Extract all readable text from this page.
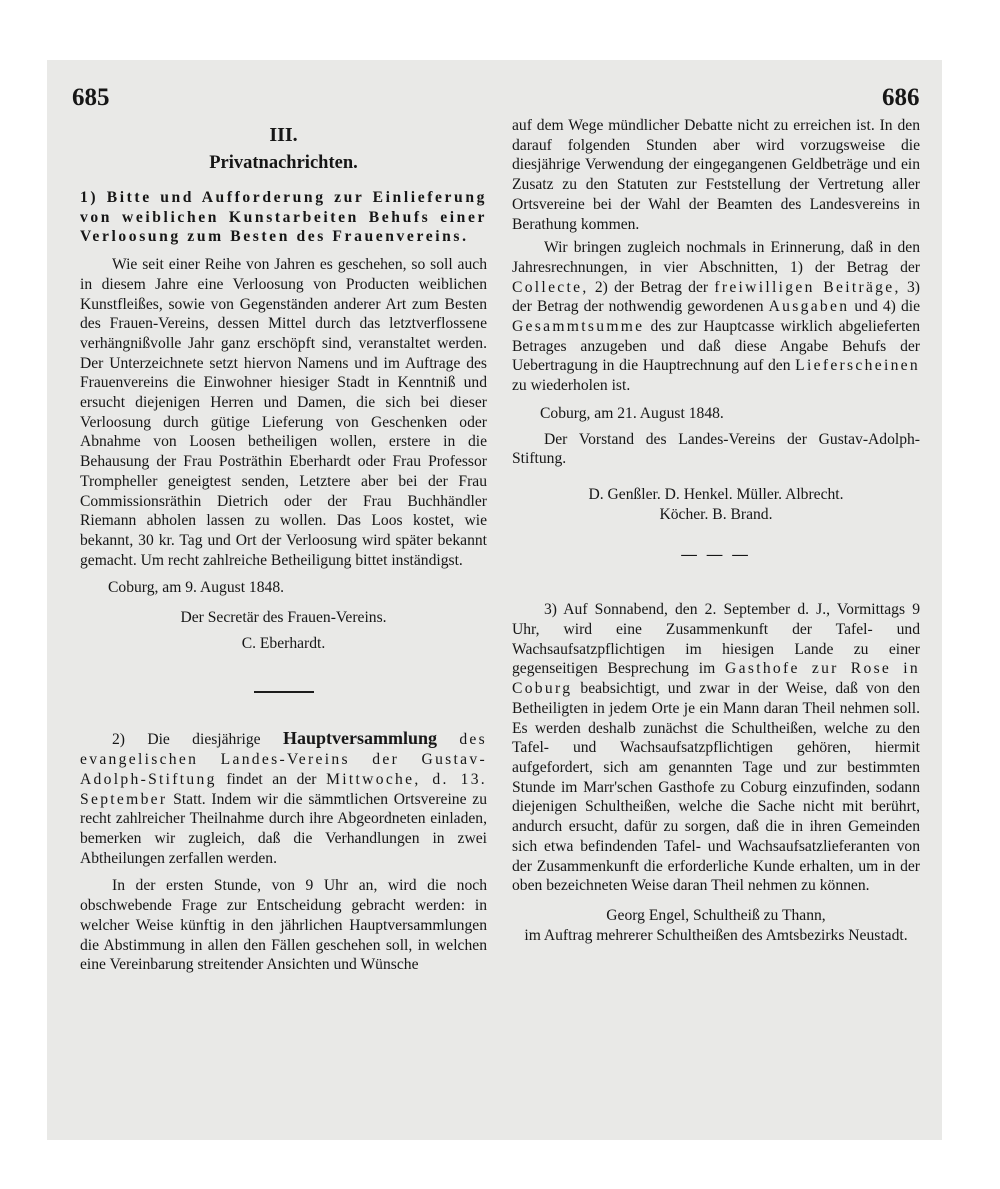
685	686
III.
Privatnachrichten.

1) Bitte und Aufforderung zur Einlieferung von weiblichen Kunstarbeiten Behufs einer Verloosung zum Besten des Frauenvereins.

Wie seit einer Reihe von Jahren es geschehen, so soll auch in diesem Jahre eine Verloosung von Producten weiblichen Kunstfleißes, sowie von Gegenständen anderer Art zum Besten des Frauen-Vereins, dessen Mittel durch das letztverflossene verhängnißvolle Jahr ganz erschöpft sind, veranstaltet werden. Der Unterzeichnete setzt hiervon Namens und im Auftrage des Frauenvereins die Einwohner hiesiger Stadt in Kenntniß und ersucht diejenigen Herren und Damen, die sich bei dieser Verloosung durch gütige Lieferung von Geschenken oder Abnahme von Loosen betheiligen wollen, erstere in die Behausung der Frau Posträthin Eberhardt oder Frau Professor Trompheller geneigtest senden, Letztere aber bei der Frau Commissionsräthin Dietrich oder der Frau Buchhändler Riemann abholen lassen zu wollen. Das Loos kostet, wie bekannt, 30 kr. Tag und Ort der Verloosung wird später bekannt gemacht. Um recht zahlreiche Betheiligung bittet inständigst.

Coburg, am 9. August 1848.

Der Secretär des Frauen-Vereins.

C. Eberhardt.

2) Die diesjährige Hauptversammlung des evangelischen Landes-Vereins der Gustav-Adolph-Stiftung findet an der Mittwoche, d. 13. September Statt. Indem wir die sämmtlichen Ortsvereine zu recht zahlreicher Theilnahme durch ihre Abgeordneten einladen, bemerken wir zugleich, daß die Verhandlungen in zwei Abtheilungen zerfallen werden.

In der ersten Stunde, von 9 Uhr an, wird die noch obschwebende Frage zur Entscheidung gebracht werden: in welcher Weise künftig in den jährlichen Hauptversammlungen die Abstimmung in allen den Fällen geschehen soll, in welchen eine Vereinbarung streitender Ansichten und Wünsche

auf dem Wege mündlicher Debatte nicht zu erreichen ist. In den darauf folgenden Stunden aber wird vorzugsweise die diesjährige Verwendung der eingegangenen Geldbeträge und ein Zusatz zu den Statuten zur Feststellung der Vertretung aller Ortsvereine bei der Wahl der Beamten des Landesvereins in Berathung kommen.

Wir bringen zugleich nochmals in Erinnerung, daß in den Jahresrechnungen, in vier Abschnitten, 1) der Betrag der Collecte, 2) der Betrag der freiwilligen Beiträge, 3) der Betrag der nothwendig gewordenen Ausgaben und 4) die Gesammtsumme des zur Hauptcasse wirklich abgelieferten Betrages anzugeben und daß diese Angabe Behufs der Uebertragung in die Hauptrechnung auf den Lieferscheinen zu wiederholen ist.

Coburg, am 21. August 1848.

Der Vorstand des Landes-Vereins der Gustav-Adolph-Stiftung.

D. Genßler. D. Henkel. Müller. Albrecht.

Köcher. B. Brand.

— — —

3) Auf Sonnabend, den 2. September d. J., Vormittags 9 Uhr, wird eine Zusammenkunft der Tafel- und Wachsaufsatzpflichtigen im hiesigen Lande zu einer gegenseitigen Besprechung im Gasthofe zur Rose in Coburg beabsichtigt, und zwar in der Weise, daß von den Betheiligten in jedem Orte je ein Mann daran Theil nehmen soll. Es werden deshalb zunächst die Schultheißen, welche zu den Tafel- und Wachsaufsatzpflichtigen gehören, hiermit aufgefordert, sich am genannten Tage und zur bestimmten Stunde im Marr'schen Gasthofe zu Coburg einzufinden, sodann diejenigen Schultheißen, welche die Sache nicht mit berührt, andurch ersucht, dafür zu sorgen, daß die in ihren Gemeinden sich etwa befindenden Tafel- und Wachsaufsatzlieferanten von der Zusammenkunft die erforderliche Kunde erhalten, um in der oben bezeichneten Weise daran Theil nehmen zu können.

Georg Engel, Schultheiß zu Thann,

im Auftrag mehrerer Schultheißen des Amtsbezirks Neustadt.
